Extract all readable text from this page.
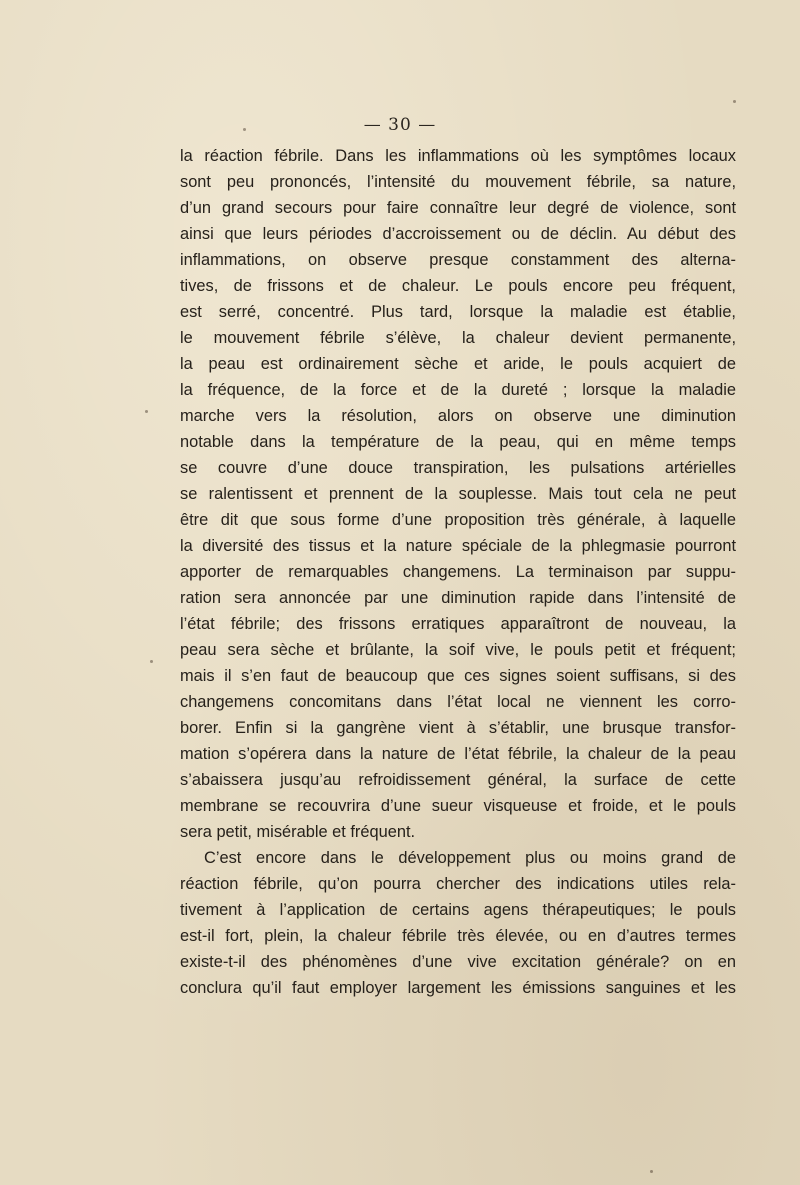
— 30 —
la réaction fébrile. Dans les inflammations où les symptômes locaux
sont peu prononcés, l’intensité du mouvement fébrile, sa nature,
d’un grand secours pour faire connaître leur degré de violence, sont
ainsi que leurs périodes d’accroissement ou de déclin. Au début des
inflammations, on observe presque constamment des alterna-
tives, de frissons et de chaleur. Le pouls encore peu fréquent,
est serré, concentré. Plus tard, lorsque la maladie est établie,
le mouvement fébrile s’élève, la chaleur devient permanente,
la peau est ordinairement sèche et aride, le pouls acquiert de
la fréquence, de la force et de la dureté ; lorsque la maladie
marche vers la résolution, alors on observe une diminution
notable dans la température de la peau, qui en même temps
se couvre d’une douce transpiration, les pulsations artérielles
se ralentissent et prennent de la souplesse. Mais tout cela ne peut
être dit que sous forme d’une proposition très générale, à laquelle
la diversité des tissus et la nature spéciale de la phlegmasie pourront
apporter de remarquables changemens. La terminaison par suppu-
ration sera annoncée par une diminution rapide dans l’intensité de
l’état fébrile; des frissons erratiques apparaîtront de nouveau, la
peau sera sèche et brûlante, la soif vive, le pouls petit et fréquent;
mais il s’en faut de beaucoup que ces signes soient suffisans, si des
changemens concomitans dans l’état local ne viennent les corro-
borer. Enfin si la gangrène vient à s’établir, une brusque transfor-
mation s’opérera dans la nature de l’état fébrile, la chaleur de la peau
s’abaissera jusqu’au refroidissement général, la surface de cette
membrane se recouvrira d’une sueur visqueuse et froide, et le pouls
sera petit, misérable et fréquent.
C’est encore dans le développement plus ou moins grand de
réaction fébrile, qu’on pourra chercher des indications utiles rela-
tivement à l’application de certains agens thérapeutiques; le pouls
est-il fort, plein, la chaleur fébrile très élevée, ou en d’autres termes
existe-t-il des phénomènes d’une vive excitation générale? on en
conclura qu’il faut employer largement les émissions sanguines et les
